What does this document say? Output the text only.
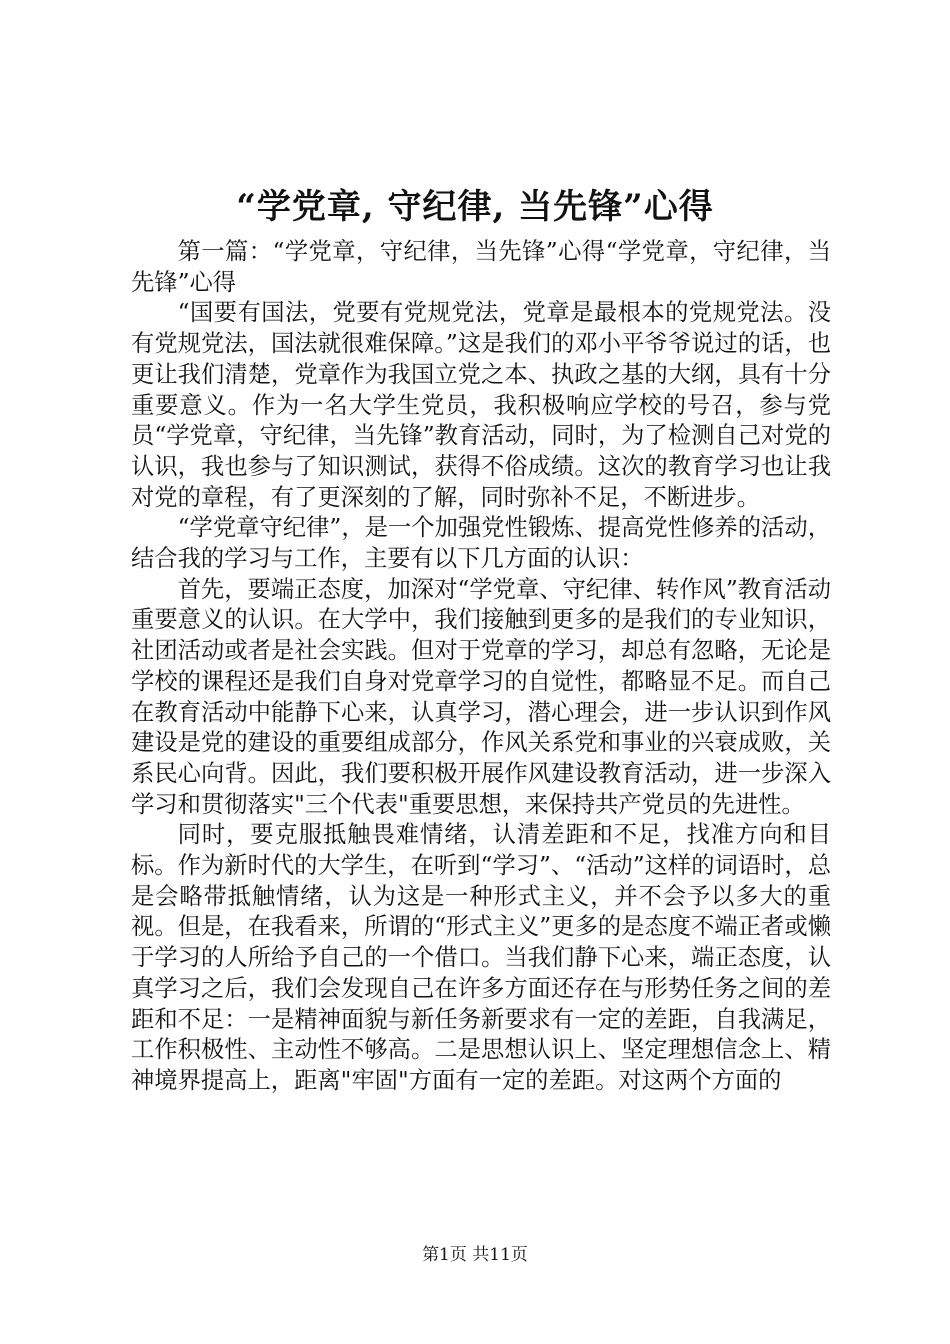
“学党章, 守纪律, 当先锋”心得

第一篇：“学党章，守纪律，当先锋”心得“学党章，守纪律，当先锋”心得

“国要有国法，党要有党规党法，党章是最根本的党规党法。没有党规党法，国法就很难保障。”这是我们的邓小平爷爷说过的话，也更让我们清楚，党章作为我国立党之本、执政之基的大纲，具有十分重要意义。作为一名大学生党员，我积极响应学校的号召，参与党员“学党章，守纪律，当先锋”教育活动，同时，为了检测自己对党的认识，我也参与了知识测试，获得不俗成绩。这次的教育学习也让我对党的章程，有了更深刻的了解，同时弥补不足，不断进步。

“学党章守纪律”，是一个加强党性锻炼、提高党性修养的活动，结合我的学习与工作，主要有以下几方面的认识：

首先，要端正态度，加深对“学党章、守纪律、转作风”教育活动重要意义的认识。在大学中，我们接触到更多的是我们的专业知识，社团活动或者是社会实践。但对于党章的学习，却总有忽略，无论是学校的课程还是我们自身对党章学习的自觉性，都略显不足。而自己在教育活动中能静下心来，认真学习，潜心理会，进一步认识到作风建设是党的建设的重要组成部分，作风关系党和事业的兴衰成败，关系民心向背。因此，我们要积极开展作风建设教育活动，进一步深入学习和贯彻落实"三个代表"重要思想，来保持共产党员的先进性。

同时，要克服抵触畏难情绪，认清差距和不足，找准方向和目标。作为新时代的大学生，在听到“学习”、“活动”这样的词语时，总是会略带抵触情绪，认为这是一种形式主义，并不会予以多大的重视。但是，在我看来，所谓的“形式主义”更多的是态度不端正者或懒于学习的人所给予自己的一个借口。当我们静下心来，端正态度，认真学习之后，我们会发现自己在许多方面还存在与形势任务之间的差距和不足：一是精神面貌与新任务新要求有一定的差距，自我满足，工作积极性、主动性不够高。二是思想认识上、坚定理想信念上、精神境界提高上，距离"牢固"方面有一定的差距。对这两个方面的

第1页 共11页
